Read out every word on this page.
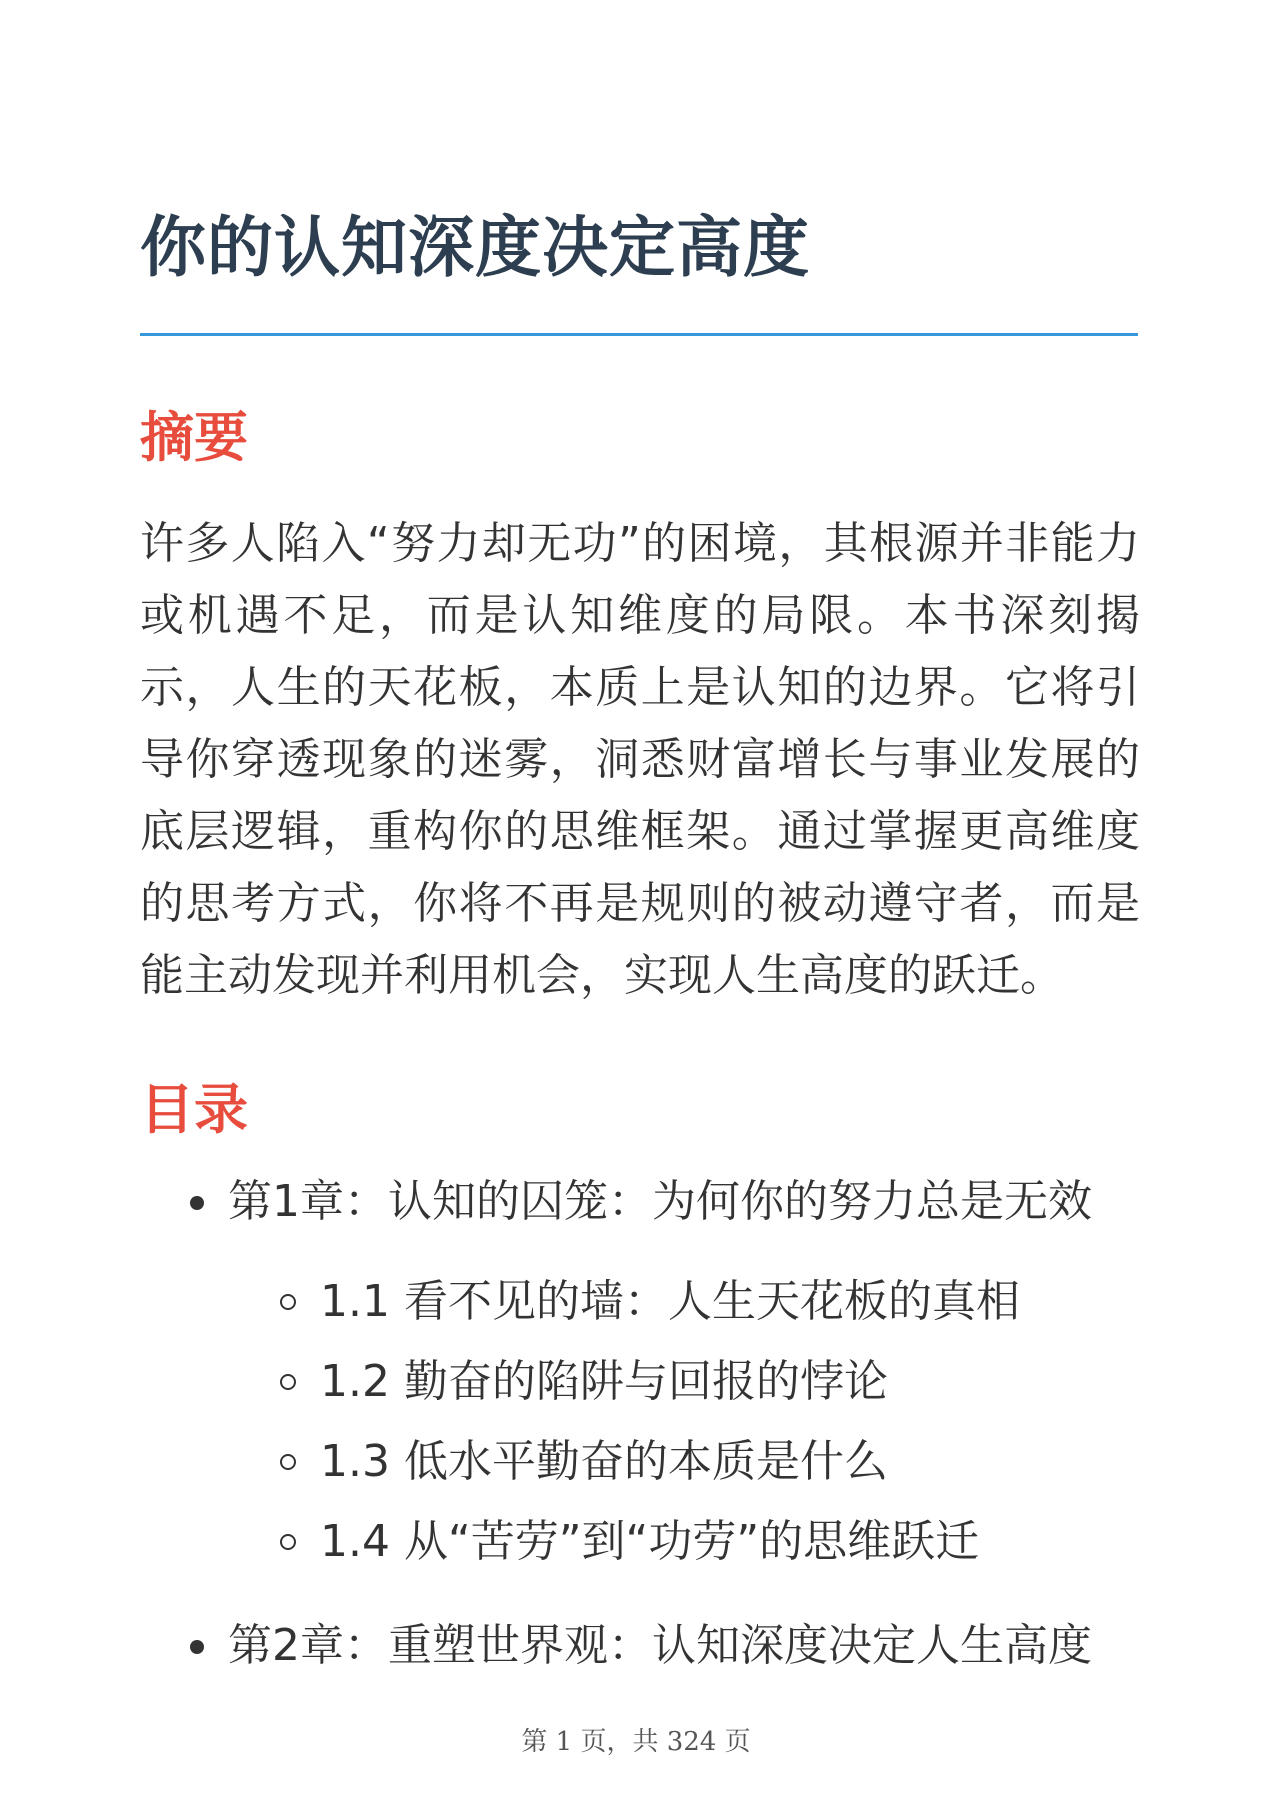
你的认知深度决定高度
摘要

许多人陷入“努力却无功”的困境，其根源并非能力或机遇不足，而是认知维度的局限。本书深刻揭示，人生的天花板，本质上是认知的边界。它将引导你穿透现象的迷雾，洞悉财富增长与事业发展的底层逻辑，重构你的思维框架。通过掌握更高维度的思考方式，你将不再是规则的被动遵守者，而是能主动发现并利用机会，实现人生高度的跃迁。

目录
第1章：认知的囚笼：为何你的努力总是无效
1.1 看不见的墙：人生天花板的真相
1.2 勤奋的陷阱与回报的悖论
1.3 低水平勤奋的本质是什么
1.4 从“苦劳”到“功劳”的思维跃迁
第2章：重塑世界观：认知深度决定人生高度
第 1 页，共 324 页
